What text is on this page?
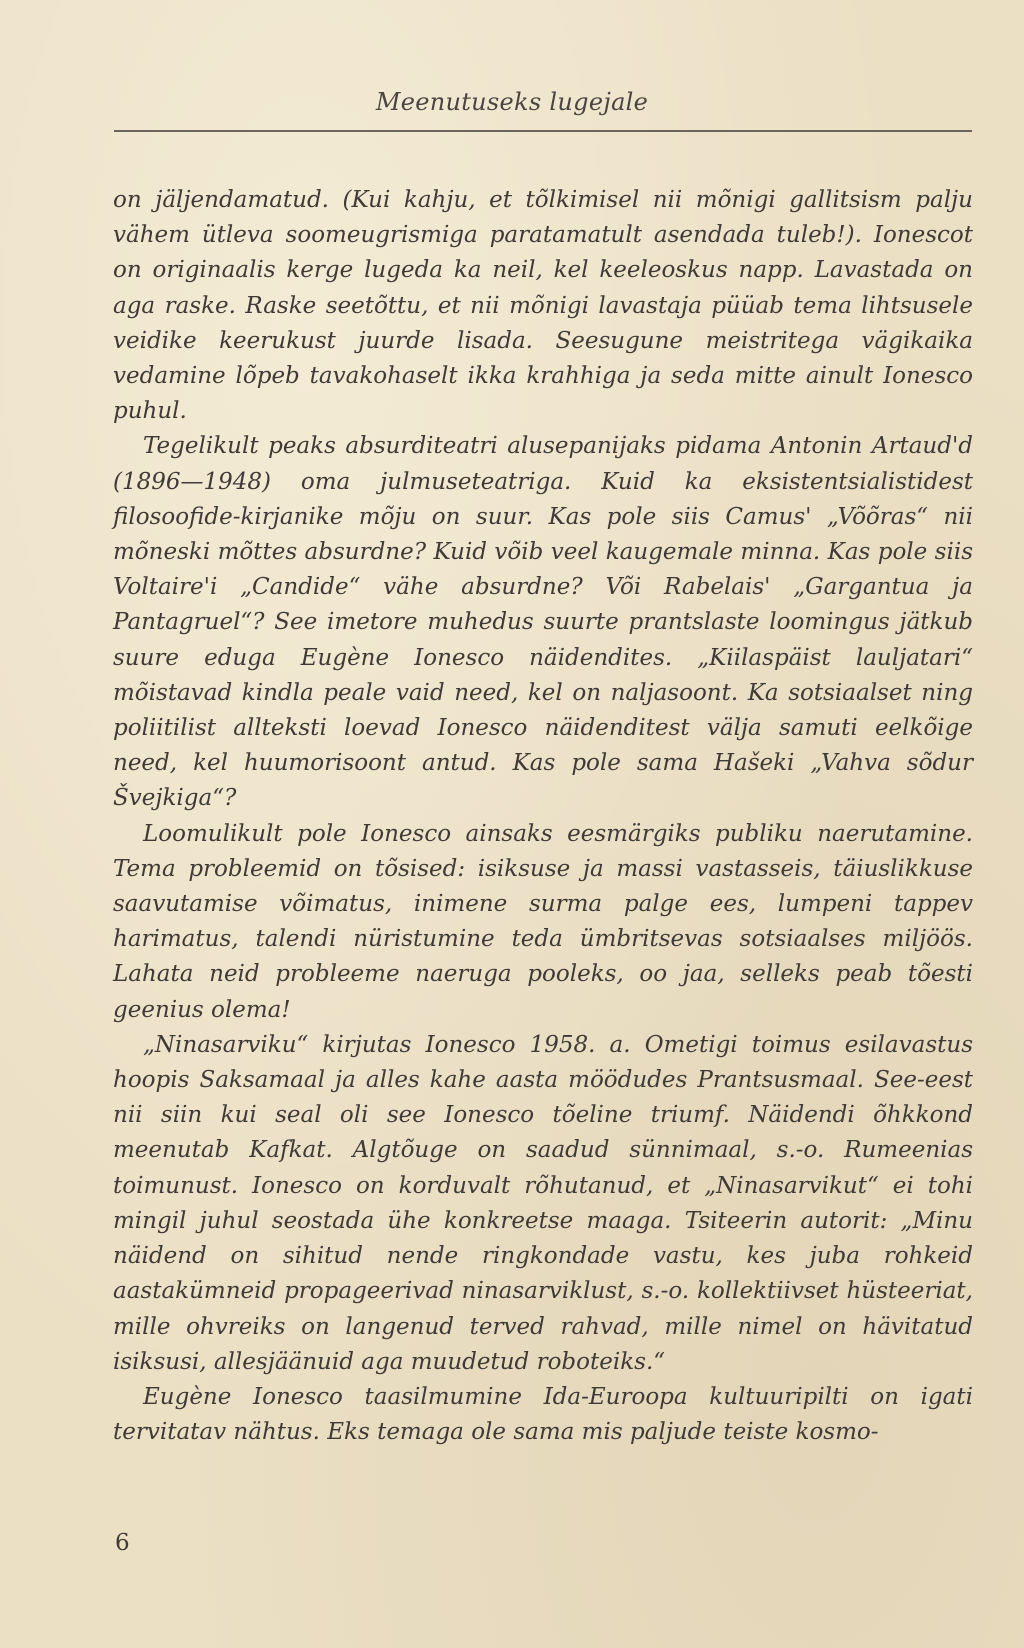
Meenutuseks lugejale

on jäljendamatud. (Kui kahju, et tõlkimisel nii mõnigi gallitsism palju vähem ütleva soomeugrismiga paratamatult asendada tuleb!). Ionescot on originaalis kerge lugeda ka neil, kel keeleoskus napp. Lavastada on aga raske. Raske seetõttu, et nii mõnigi lavastaja püüab tema lihtsusele veidike keerukust juurde lisada. Seesugune meistritega vägikaika vedamine lõpeb tavakohaselt ikka krahhiga ja seda mitte ainult Ionesco puhul.

Tegelikult peaks absurditeatri alusepanijaks pidama Antonin Artaud'd (1896—1948) oma julmuseteatriga. Kuid ka eksistentsialistidest filosoofide-kirjanike mõju on suur. Kas pole siis Camus' „Võõras“ nii mõneski mõttes absurdne? Kuid võib veel kaugemale minna. Kas pole siis Voltaire'i „Candide“ vähe absurdne? Või Rabelais' „Gargantua ja Pantagruel“? See imetore muhedus suurte prantslaste loomingus jätkub suure eduga Eugène Ionesco näidendites. „Kiilaspäist lauljatari“ mõistavad kindla peale vaid need, kel on naljasoont. Ka sotsiaalset ning poliitilist allteksti loevad Ionesco näidenditest välja samuti eelkõige need, kel huumorisoont antud. Kas pole sama Hašeki „Vahva sõdur Švejkiga“?

Loomulikult pole Ionesco ainsaks eesmärgiks publiku naerutamine. Tema probleemid on tõsised: isiksuse ja massi vastasseis, täiuslikkuse saavutamise võimatus, inimene surma palge ees, lumpeni tappev harimatus, talendi nüristumine teda ümbritsevas sotsiaalses miljöös. Lahata neid probleeme naeruga pooleks, oo jaa, selleks peab tõesti geenius olema!

„Ninasarviku“ kirjutas Ionesco 1958. a. Ometigi toimus esilavastus hoopis Saksamaal ja alles kahe aasta möödudes Prantsusmaal. See-eest nii siin kui seal oli see Ionesco tõeline triumf. Näidendi õhkkond meenutab Kafkat. Algtõuge on saadud sünnimaal, s.-o. Rumeenias toimunust. Ionesco on korduvalt rõhutanud, et „Ninasarvikut“ ei tohi mingil juhul seostada ühe konkreetse maaga. Tsiteerin autorit: „Minu näidend on sihitud nende ringkondade vastu, kes juba rohkeid aastakümneid propageerivad ninasarviklust, s.-o. kollektiivset hüsteeriat, mille ohvreiks on langenud terved rahvad, mille nimel on hävitatud isiksusi, allesjäänuid aga muudetud roboteiks.“

Eugène Ionesco taasilmumine Ida-Euroopa kultuuripilti on igati tervitatav nähtus. Eks temaga ole sama mis paljude teiste kosmo-

6
